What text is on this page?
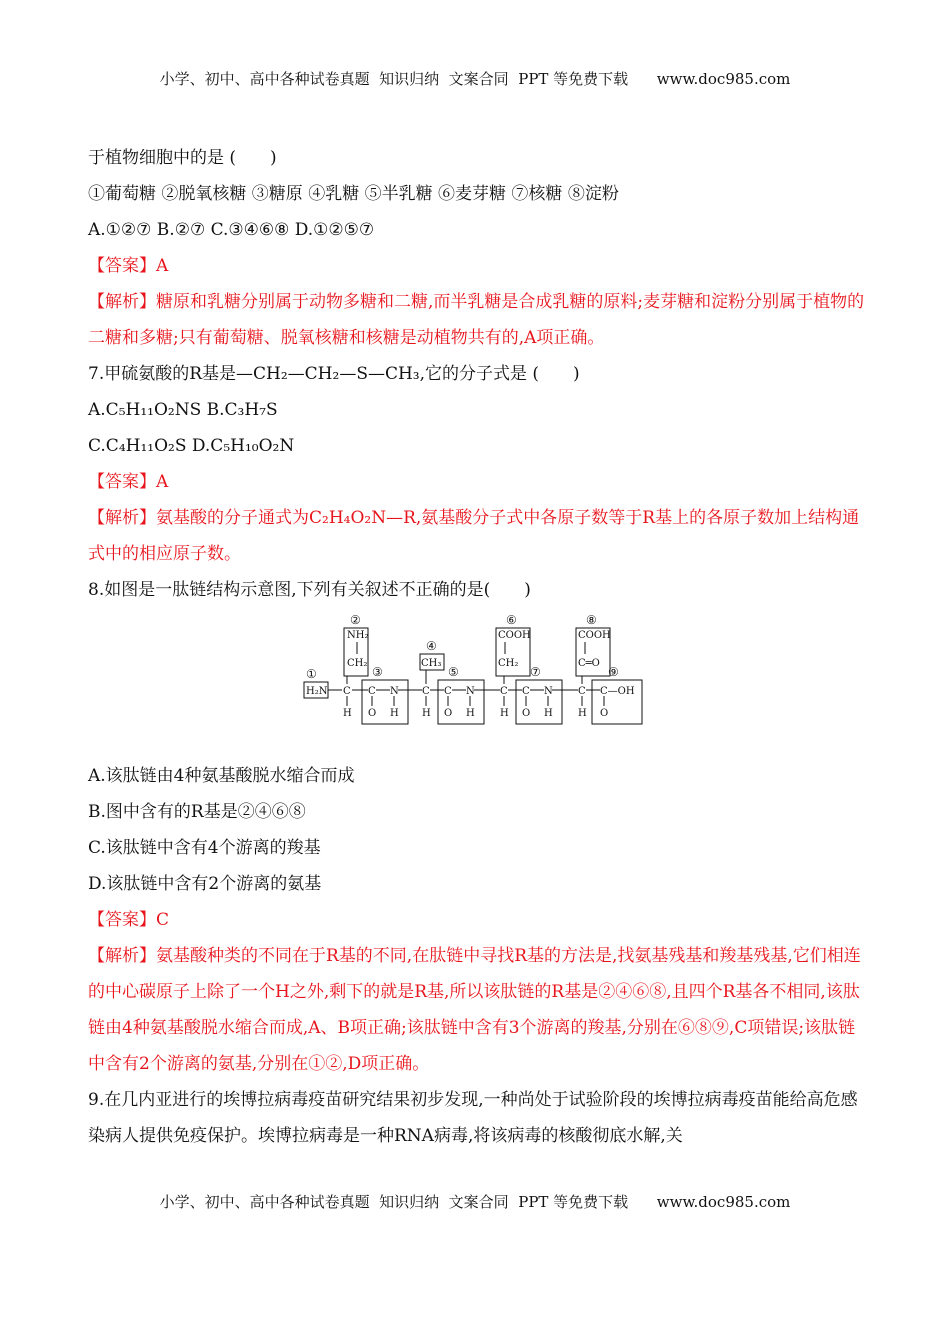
小学、初中、高中各种试卷真题  知识归纳  文案合同  PPT 等免费下载      www.doc985.com
于植物细胞中的是 (　　)
①葡萄糖 ②脱氧核糖 ③糖原 ④乳糖 ⑤半乳糖 ⑥麦芽糖 ⑦核糖 ⑧淀粉
A.①②⑦ B.②⑦ C.③④⑥⑧ D.①②⑤⑦
【答案】A
【解析】糖原和乳糖分别属于动物多糖和二糖,而半乳糖是合成乳糖的原料;麦芽糖和淀粉分别属于植物的二糖和多糖;只有葡萄糖、脱氧核糖和核糖是动植物共有的,A项正确。
7.甲硫氨酸的R基是—CH₂—CH₂—S—CH₃,它的分子式是 (　　)
A.C₅H₁₁O₂NS B.C₃H₇S
C.C₄H₁₁O₂S D.C₅H₁₀O₂N
【答案】A
【解析】氨基酸的分子通式为C₂H₄O₂N—R,氨基酸分子式中各原子数等于R基上的各原子数加上结构通式中的相应原子数。
8.如图是一肽链结构示意图,下列有关叙述不正确的是(　　)
H₂N
NH₂
CH₂	CH₃
COOH
CH₂
COOH
C═O
C C N C C N	C C N	C C—OH
H O H H O H	H O H	H O
①
②
③
④
⑤
⑥
⑦
⑧
⑨
A.该肽链由4种氨基酸脱水缩合而成
B.图中含有的R基是②④⑥⑧
C.该肽链中含有4个游离的羧基
D.该肽链中含有2个游离的氨基
【答案】C
【解析】氨基酸种类的不同在于R基的不同,在肽链中寻找R基的方法是,找氨基残基和羧基残基,它们相连的中心碳原子上除了一个H之外,剩下的就是R基,所以该肽链的R基是②④⑥⑧,且四个R基各不相同,该肽链由4种氨基酸脱水缩合而成,A、B项正确;该肽链中含有3个游离的羧基,分别在⑥⑧⑨,C项错误;该肽链中含有2个游离的氨基,分别在①②,D项正确。
9.在几内亚进行的埃博拉病毒疫苗研究结果初步发现,一种尚处于试验阶段的埃博拉病毒疫苗能给高危感染病人提供免疫保护。埃博拉病毒是一种RNA病毒,将该病毒的核酸彻底水解,关
小学、初中、高中各种试卷真题  知识归纳  文案合同  PPT 等免费下载      www.doc985.com
